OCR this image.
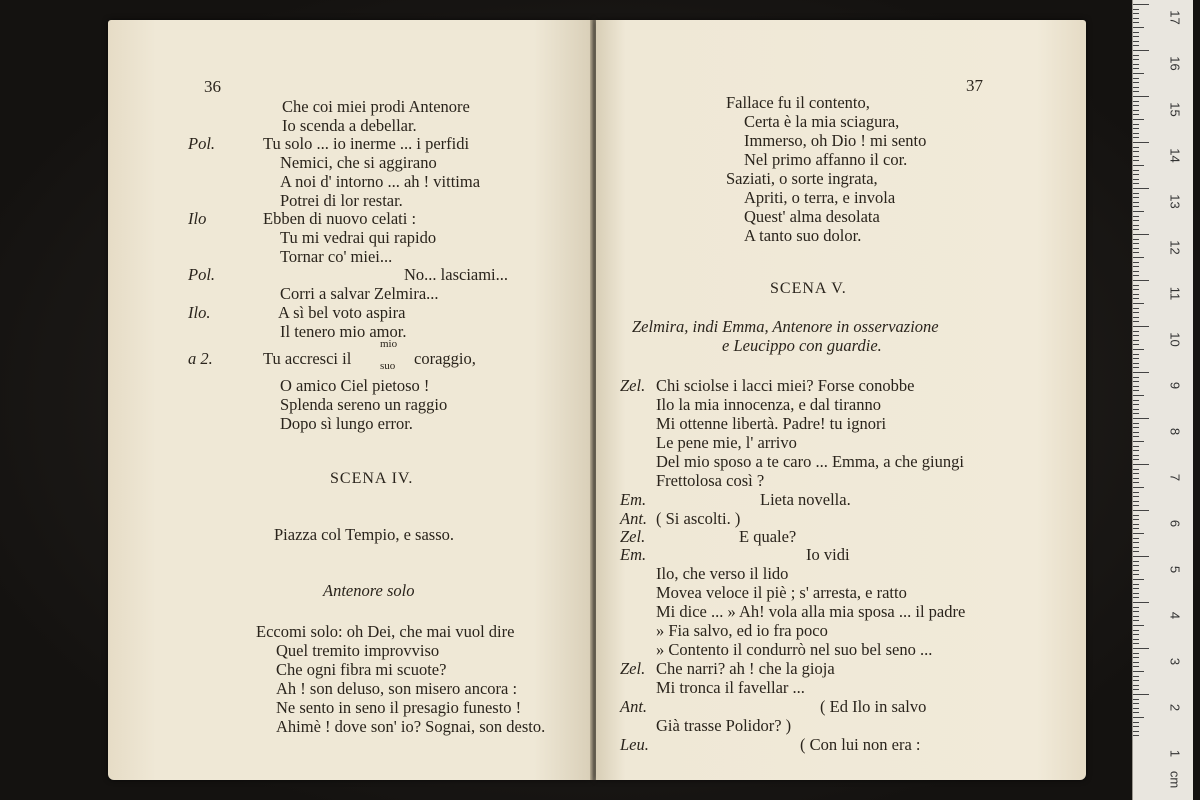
36
Che coi miei prodi Antenore
Io scenda a debellar.
Pol.	Tu solo ... io inerme ... i perfidi
Nemici, che si aggirano
A noi d' intorno ... ah ! vittima
Potrei di lor restar.
Ilo	Ebben di nuovo celati :
Tu mi vedrai qui rapido
Tornar co' miei...
Pol.	No... lasciami...
Corri a salvar Zelmira...
Ilo.	A sì bel voto aspira
Il tenero mio amor.
a 2.	Tu accresci il
mio
suo coraggio,
O amico Ciel pietoso !
Splenda sereno un raggio
Dopo sì lungo error.
SCENA IV.
Piazza col Tempio, e sasso.
Antenore solo
Eccomi solo: oh Dei, che mai vuol dire
Quel tremito improvviso
Che ogni fibra mi scuote?
Ah ! son deluso, son misero ancora :
Ne sento in seno il presagio funesto !
Ahimè ! dove son' io? Sognai, son desto.
37
Fallace fu il contento,
Certa è la mia sciagura,
Immerso, oh Dio ! mi sento
Nel primo affanno il cor.
Saziati, o sorte ingrata,
Apriti, o terra, e invola
Quest' alma desolata
A tanto suo dolor.
SCENA V.
Zelmira, indi Emma, Antenore in osservazione
e Leucippo con guardie.
Zel. Chi sciolse i lacci miei? Forse conobbe
Ilo la mia innocenza, e dal tiranno
Mi ottenne libertà. Padre! tu ignori
Le pene mie, l' arrivo
Del mio sposo a te caro ... Emma, a che giungi
Frettolosa così ?
Em.	Lieta novella.
Ant. ( Si ascolti. )
Zel.	E quale?
Em.	Io vidi
Ilo, che verso il lido
Movea veloce il piè ; s' arresta, e ratto
Mi dice ... » Ah! vola alla mia sposa ... il padre
» Fia salvo, ed io fra poco
» Contento il condurrò nel suo bel seno ...
Zel. Che narri? ah ! che la gioja
Mi tronca il favellar ...
Ant.	( Ed Ilo in salvo
Già trasse Polidor? )
Leu.	( Con lui non era :
17
16
15
14
13
12
11
10
9
8
7
6
5
4
3
2
1
cm
